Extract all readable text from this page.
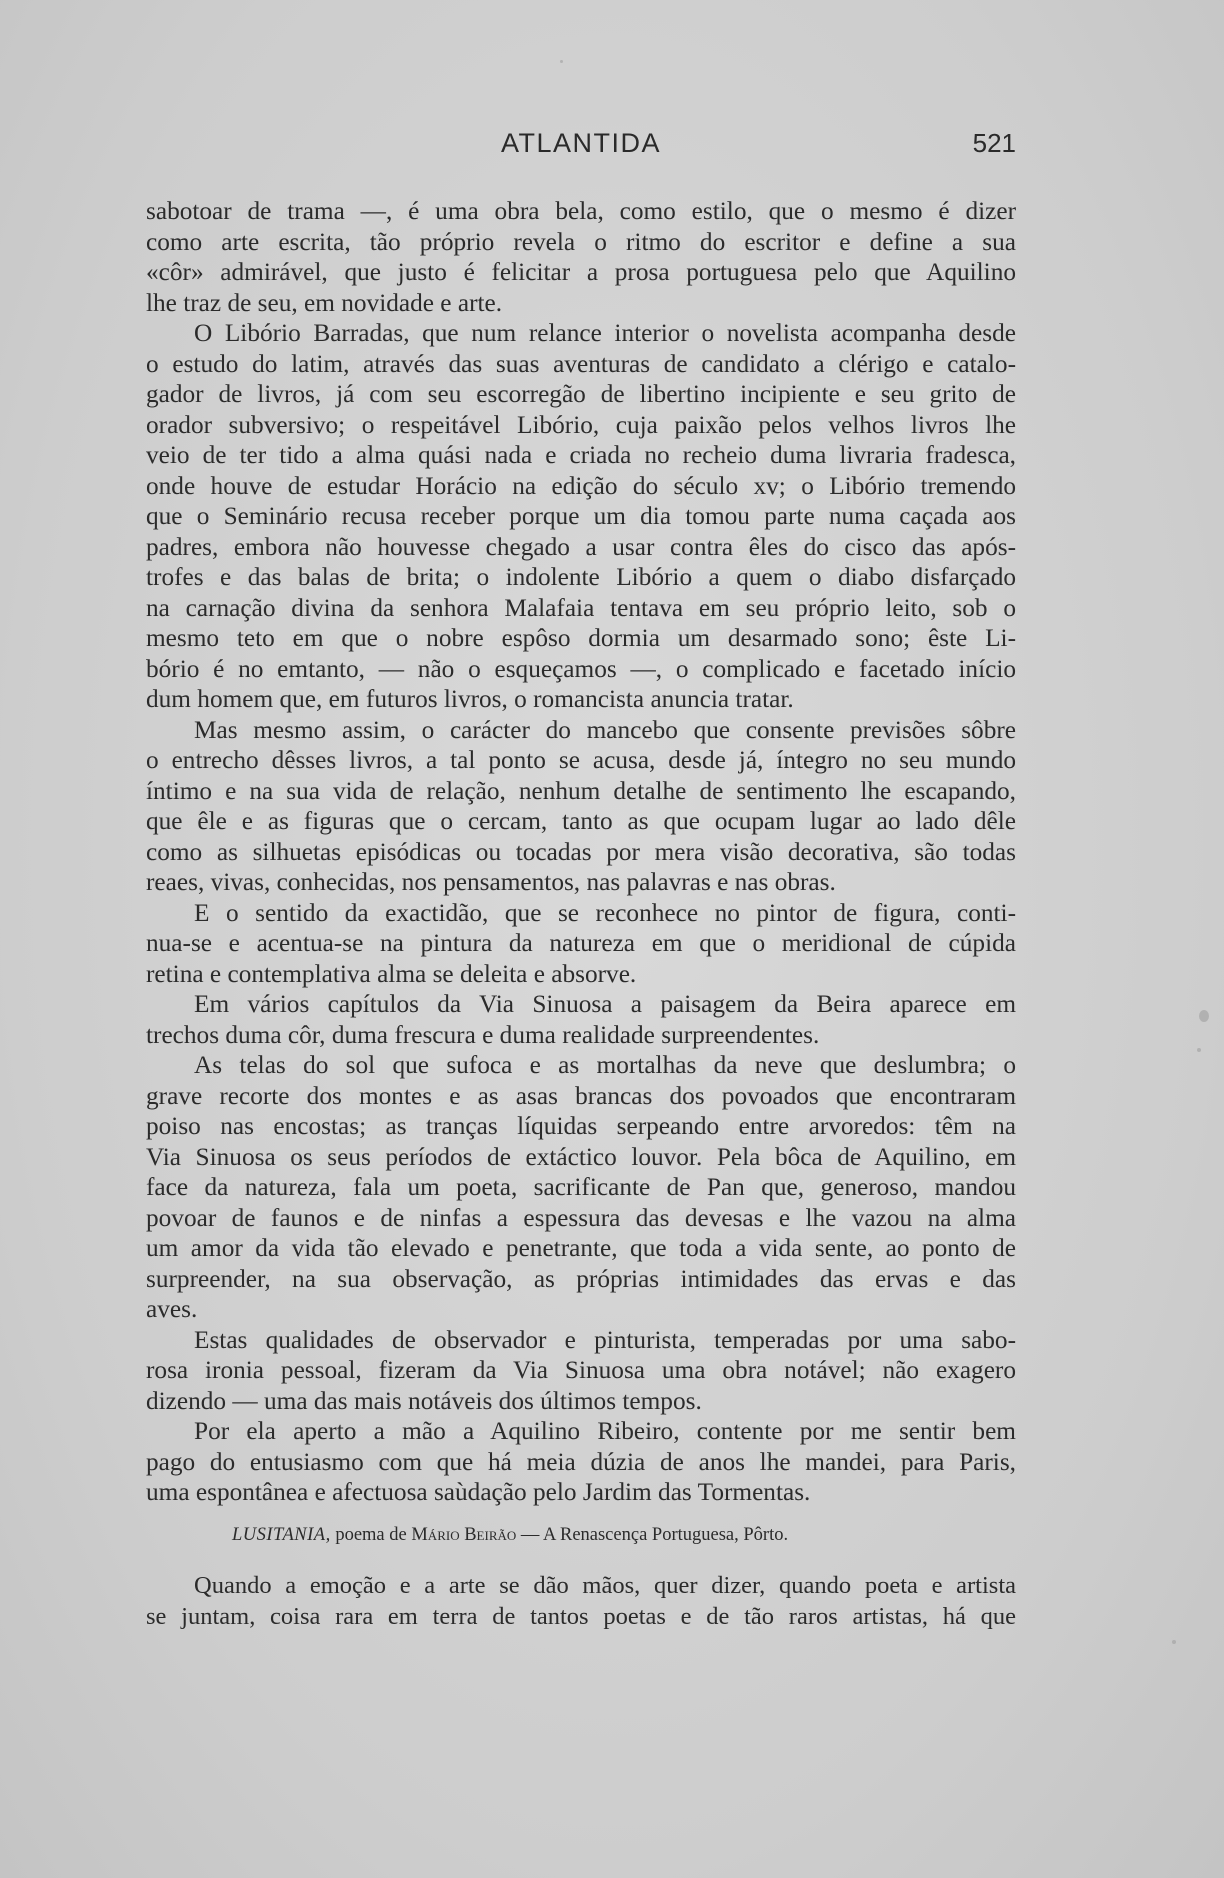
ATLANTIDA	521
sabotoar de trama —, é uma obra bela, como estilo, que o mesmo é dizer
como arte escrita, tão próprio revela o ritmo do escritor e define a sua
«côr» admirável, que justo é felicitar a prosa portuguesa pelo que Aquilino
lhe traz de seu, em novidade e arte.
O Libório Barradas, que num relance interior o novelista acompanha desde
o estudo do latim, através das suas aventuras de candidato a clérigo e catalo-
gador de livros, já com seu escorregão de libertino incipiente e seu grito de
orador subversivo; o respeitável Libório, cuja paixão pelos velhos livros lhe
veio de ter tido a alma quási nada e criada no recheio duma livraria fradesca,
onde houve de estudar Horácio na edição do século xv; o Libório tremendo
que o Seminário recusa receber porque um dia tomou parte numa caçada aos
padres, embora não houvesse chegado a usar contra êles do cisco das após-
trofes e das balas de brita; o indolente Libório a quem o diabo disfarçado
na carnação divina da senhora Malafaia tentava em seu próprio leito, sob o
mesmo teto em que o nobre espôso dormia um desarmado sono; êste Li-
bório é no emtanto, — não o esqueçamos —, o complicado e facetado início
dum homem que, em futuros livros, o romancista anuncia tratar.
Mas mesmo assim, o carácter do mancebo que consente previsões sôbre
o entrecho dêsses livros, a tal ponto se acusa, desde já, íntegro no seu mundo
íntimo e na sua vida de relação, nenhum detalhe de sentimento lhe escapando,
que êle e as figuras que o cercam, tanto as que ocupam lugar ao lado dêle
como as silhuetas episódicas ou tocadas por mera visão decorativa, são todas
reaes, vivas, conhecidas, nos pensamentos, nas palavras e nas obras.
E o sentido da exactidão, que se reconhece no pintor de figura, conti-
nua-se e acentua-se na pintura da natureza em que o meridional de cúpida
retina e contemplativa alma se deleita e absorve.
Em vários capítulos da Via Sinuosa a paisagem da Beira aparece em
trechos duma côr, duma frescura e duma realidade surpreendentes.
As telas do sol que sufoca e as mortalhas da neve que deslumbra; o
grave recorte dos montes e as asas brancas dos povoados que encontraram
poiso nas encostas; as tranças líquidas serpeando entre arvoredos: têm na
Via Sinuosa os seus períodos de extáctico louvor. Pela bôca de Aquilino, em
face da natureza, fala um poeta, sacrificante de Pan que, generoso, mandou
povoar de faunos e de ninfas a espessura das devesas e lhe vazou na alma
um amor da vida tão elevado e penetrante, que toda a vida sente, ao ponto de
surpreender, na sua observação, as próprias intimidades das ervas e das
aves.
Estas qualidades de observador e pinturista, temperadas por uma sabo-
rosa ironia pessoal, fizeram da Via Sinuosa uma obra notável; não exagero
dizendo — uma das mais notáveis dos últimos tempos.
Por ela aperto a mão a Aquilino Ribeiro, contente por me sentir bem
pago do entusiasmo com que há meia dúzia de anos lhe mandei, para Paris,
uma espontânea e afectuosa saùdação pelo Jardim das Tormentas.
LUSITANIA, poema de Mário Beirão — A Renascença Portuguesa, Pôrto.
Quando a emoção e a arte se dão mãos, quer dizer, quando poeta e artista
se juntam, coisa rara em terra de tantos poetas e de tão raros artistas, há que
